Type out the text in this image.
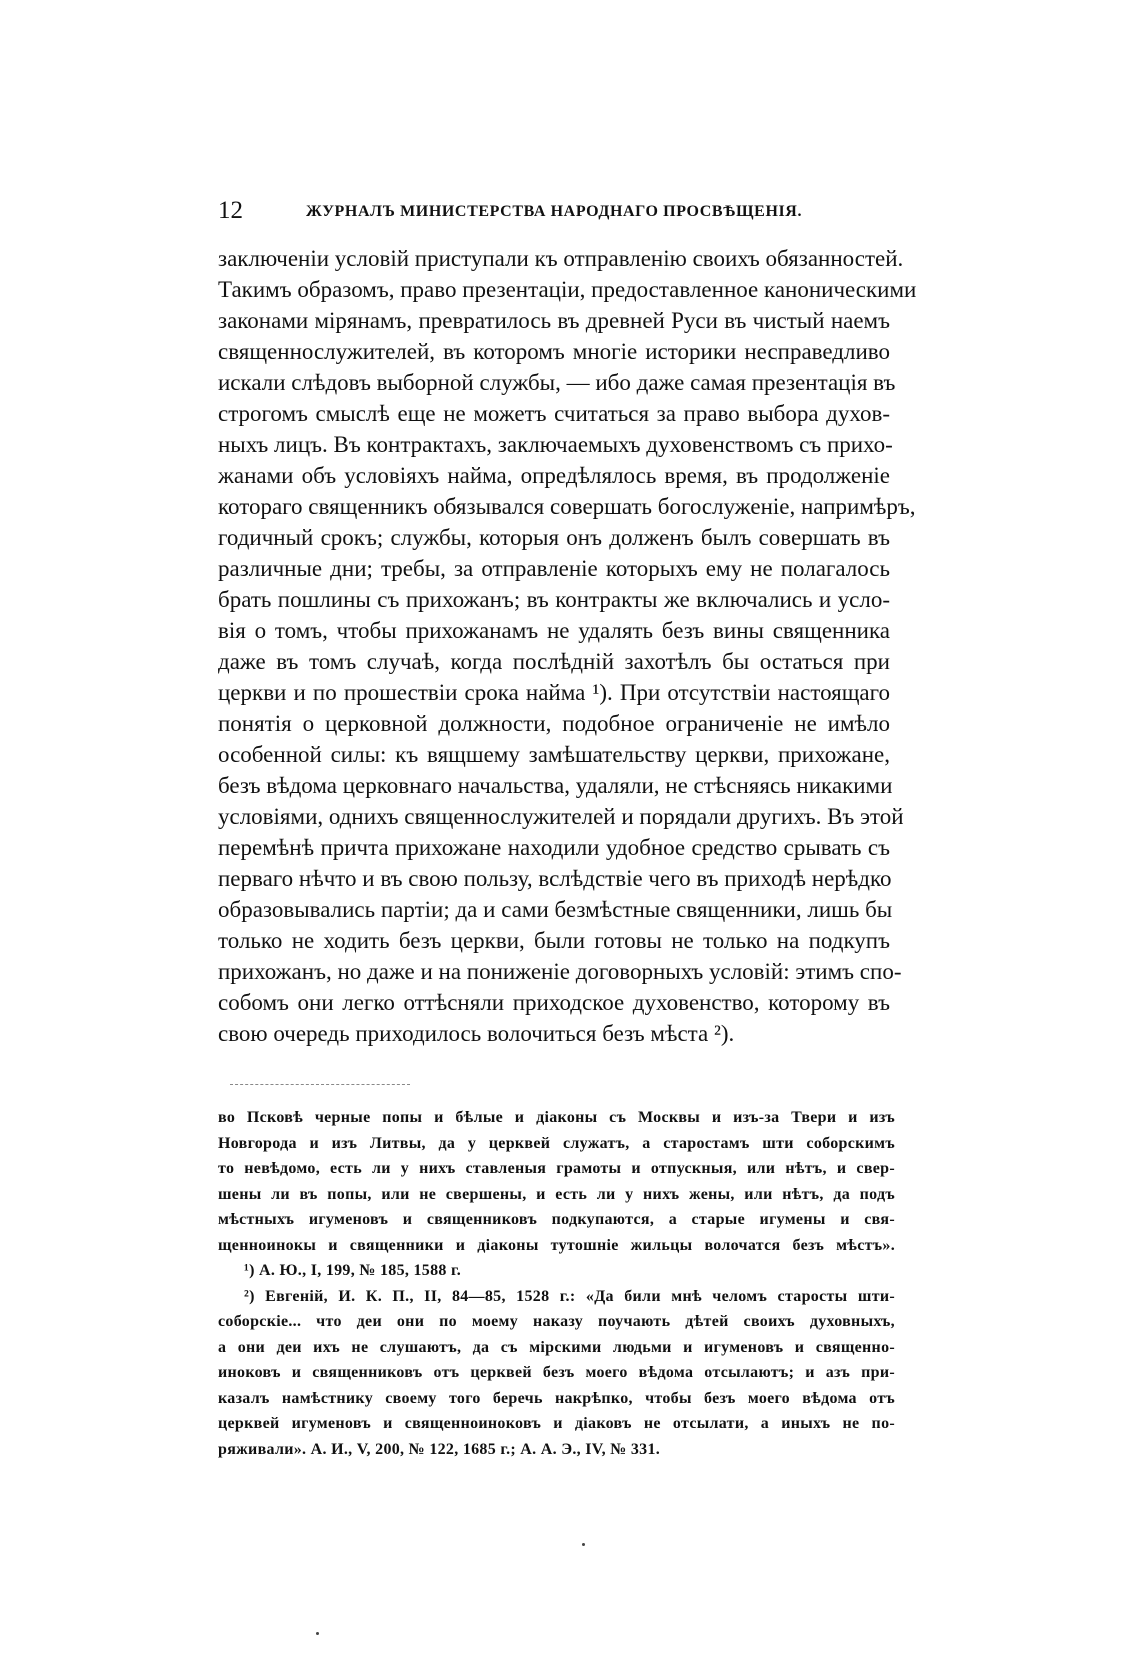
12	ЖУРНАЛЪ МИНИСТЕРСТВА НАРОДНАГО ПРОСВѢЩЕНІЯ.
заключеніи условій приступали къ отправленію своихъ обязанностей.
Такимъ образомъ, право презентаціи, предоставленное каноническими
законами мірянамъ, превратилось въ древней Руси въ чистый наемъ
священнослужителей, въ которомъ многіе историки несправедливо
искали слѣдовъ выборной службы, — ибо даже самая презентація въ
строгомъ смыслѣ еще не можетъ считаться за право выбора духов-
ныхъ лицъ. Въ контрактахъ, заключаемыхъ духовенствомъ съ прихо-
жанами объ условіяхъ найма, опредѣлялось время, въ продолженіе
котораго священникъ обязывался совершать богослуженіе, напримѣръ,
годичный срокъ; службы, которыя онъ долженъ былъ совершать въ
различные дни; требы, за отправленіе которыхъ ему не полагалось
брать пошлины съ прихожанъ; въ контракты же включались и усло-
вія о томъ, чтобы прихожанамъ не удалять безъ вины священника
даже въ томъ случаѣ, когда послѣдній захотѣлъ бы остаться при
церкви и по прошествіи срока найма ¹). При отсутствіи настоящаго
понятія о церковной должности, подобное ограниченіе не имѣло
особенной силы: къ вящшему замѣшательству церкви, прихожане,
безъ вѣдома церковнаго начальства, удаляли, не стѣсняясь никакими
условіями, однихъ священнослужителей и порядали другихъ. Въ этой
перемѣнѣ причта прихожане находили удобное средство срывать съ
перваго нѣчто и въ свою пользу, вслѣдствіе чего въ приходѣ нерѣдко
образовывались партіи; да и сами безмѣстные священники, лишь бы
только не ходить безъ церкви, были готовы не только на подкупъ
прихожанъ, но даже и на пониженіе договорныхъ условій: этимъ спо-
собомъ они легко оттѣсняли приходское духовенство, которому въ
свою очередь приходилось волочиться безъ мѣста ²).
во Псковѣ черные попы и бѣлые и діаконы съ Москвы и изъ-за Твери и изъ
Новгорода и изъ Литвы, да у церквей служатъ, а старостамъ шти соборскимъ
то невѣдомо, есть ли у нихъ ставленыя грамоты и отпускныя, или нѣтъ, и свер-
шены ли въ попы, или не свершены, и есть ли у нихъ жены, или нѣтъ, да подъ
мѣстныхъ игуменовъ и священниковъ подкупаются, а старые игумены и свя-
щенноинокы и священники и діаконы тутошніе жильцы волочатся безъ мѣстъ».
¹) А. Ю., I, 199, № 185, 1588 г.
²) Евгеній, И. К. П., II, 84—85, 1528 г.: «Да били мнѣ челомъ старосты шти-
соборскіе... что деи они по моему наказу поучають дѣтей своихъ духовныхъ,
а они деи ихъ не слушаютъ, да съ мірскими людьми и игуменовъ и священно-
иноковъ и священниковъ отъ церквей безъ моего вѣдома отсылаютъ; и азъ при-
казалъ намѣстнику своему того беречь накрѣпко, чтобы безъ моего вѣдома отъ
церквей игуменовъ и священноиноковъ и діаковъ не отсылати, а иныхъ не по-
ряживали». А. И., V, 200, № 122, 1685 г.; А. А. Э., IV, № 331.
